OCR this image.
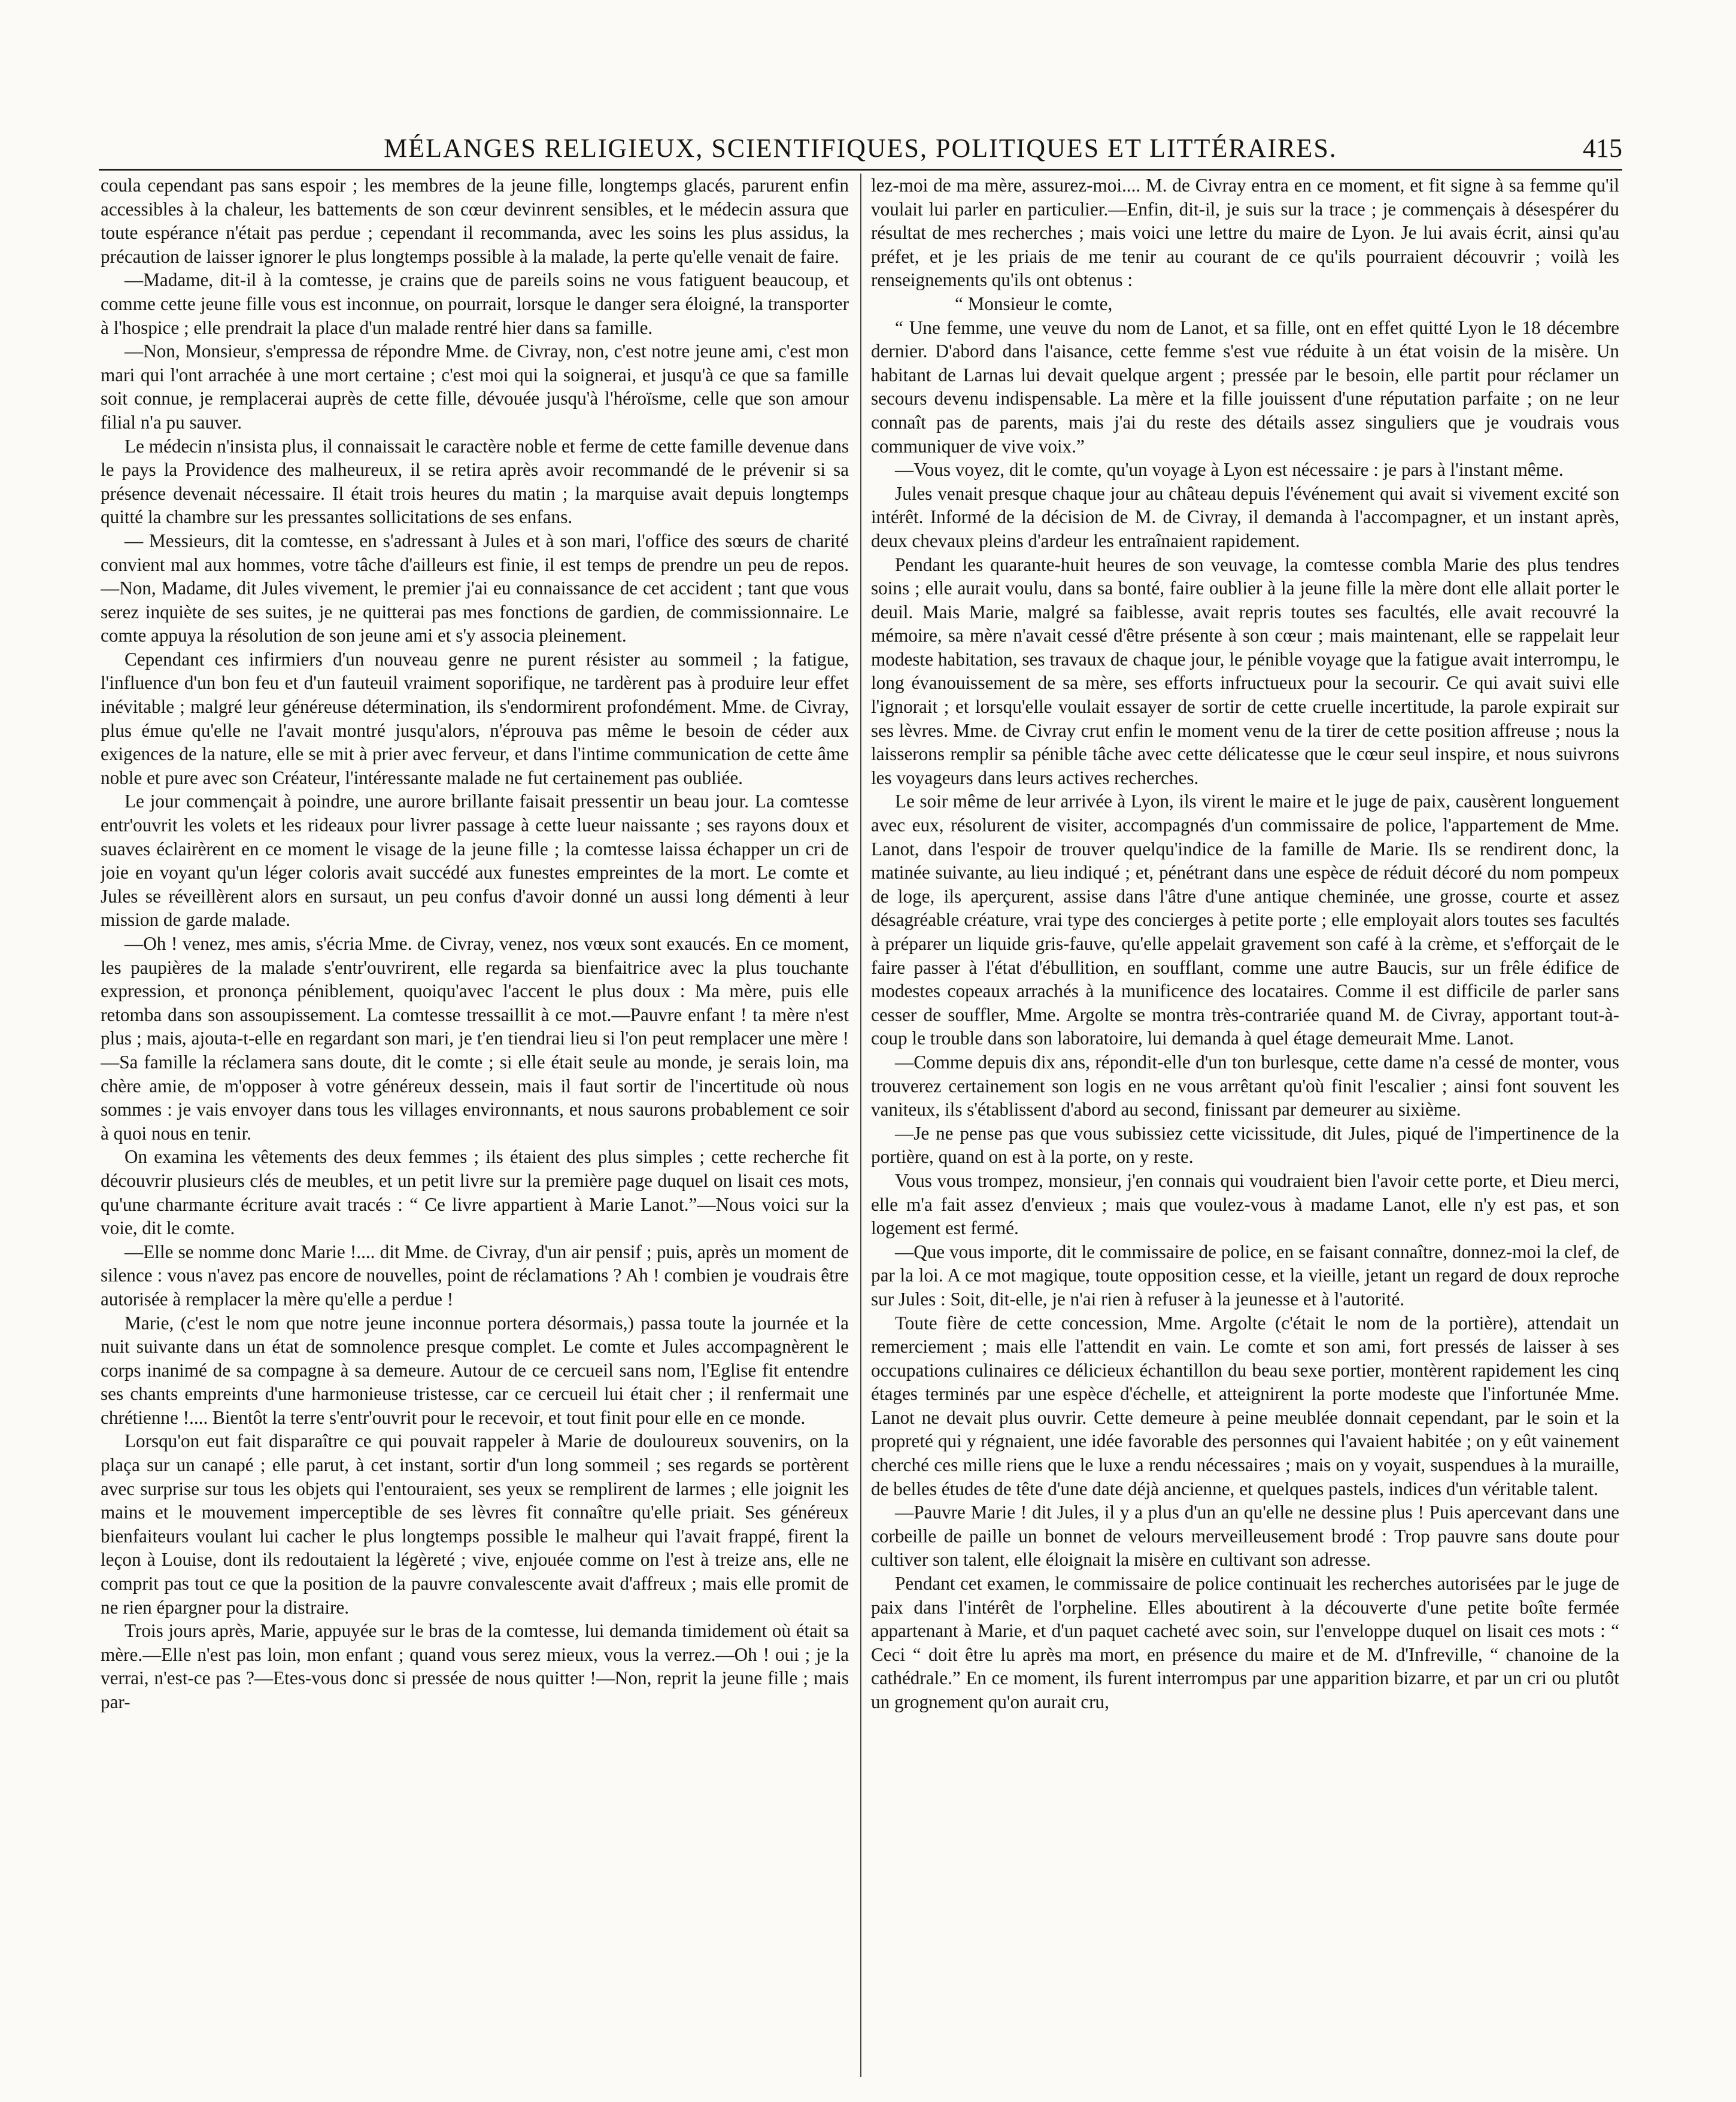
MÉLANGES RELIGIEUX, SCIENTIFIQUES, POLITIQUES ET LITTÉRAIRES.	415

coula cependant pas sans espoir ; les membres de la jeune fille, longtemps glacés, parurent enfin accessibles à la chaleur, les battements de son cœur devinrent sensibles, et le médecin assura que toute espérance n'était pas perdue ; cependant il recommanda, avec les soins les plus assidus, la précaution de laisser ignorer le plus longtemps possible à la malade, la perte qu'elle venait de faire.

—Madame, dit-il à la comtesse, je crains que de pareils soins ne vous fatiguent beaucoup, et comme cette jeune fille vous est inconnue, on pourrait, lorsque le danger sera éloigné, la transporter à l'hospice ; elle prendrait la place d'un malade rentré hier dans sa famille.

—Non, Monsieur, s'empressa de répondre Mme. de Civray, non, c'est notre jeune ami, c'est mon mari qui l'ont arrachée à une mort certaine ; c'est moi qui la soignerai, et jusqu'à ce que sa famille soit connue, je remplacerai auprès de cette fille, dévouée jusqu'à l'héroïsme, celle que son amour filial n'a pu sauver.

Le médecin n'insista plus, il connaissait le caractère noble et ferme de cette famille devenue dans le pays la Providence des malheureux, il se retira après avoir recommandé de le prévenir si sa présence devenait nécessaire. Il était trois heures du matin ; la marquise avait depuis longtemps quitté la chambre sur les pressantes sollicitations de ses enfans.

— Messieurs, dit la comtesse, en s'adressant à Jules et à son mari, l'office des sœurs de charité convient mal aux hommes, votre tâche d'ailleurs est finie, il est temps de prendre un peu de repos.—Non, Madame, dit Jules vivement, le premier j'ai eu connaissance de cet accident ; tant que vous serez inquiète de ses suites, je ne quitterai pas mes fonctions de gardien, de commissionnaire. Le comte appuya la résolution de son jeune ami et s'y associa pleinement.

Cependant ces infirmiers d'un nouveau genre ne purent résister au sommeil ; la fatigue, l'influence d'un bon feu et d'un fauteuil vraiment soporifique, ne tardèrent pas à produire leur effet inévitable ; malgré leur généreuse détermination, ils s'endormirent profondément. Mme. de Civray, plus émue qu'elle ne l'avait montré jusqu'alors, n'éprouva pas même le besoin de céder aux exigences de la nature, elle se mit à prier avec ferveur, et dans l'intime communication de cette âme noble et pure avec son Créateur, l'intéressante malade ne fut certainement pas oubliée.

Le jour commençait à poindre, une aurore brillante faisait pressentir un beau jour. La comtesse entr'ouvrit les volets et les rideaux pour livrer passage à cette lueur naissante ; ses rayons doux et suaves éclairèrent en ce moment le visage de la jeune fille ; la comtesse laissa échapper un cri de joie en voyant qu'un léger coloris avait succédé aux funestes empreintes de la mort. Le comte et Jules se réveillèrent alors en sursaut, un peu confus d'avoir donné un aussi long démenti à leur mission de garde malade.

—Oh ! venez, mes amis, s'écria Mme. de Civray, venez, nos vœux sont exaucés. En ce moment, les paupières de la malade s'entr'ouvrirent, elle regarda sa bienfaitrice avec la plus touchante expression, et prononça péniblement, quoiqu'avec l'accent le plus doux : Ma mère, puis elle retomba dans son assoupissement. La comtesse tressaillit à ce mot.—Pauvre enfant ! ta mère n'est plus ; mais, ajouta-t-elle en regardant son mari, je t'en tiendrai lieu si l'on peut remplacer une mère ! —Sa famille la réclamera sans doute, dit le comte ; si elle était seule au monde, je serais loin, ma chère amie, de m'opposer à votre généreux dessein, mais il faut sortir de l'incertitude où nous sommes : je vais envoyer dans tous les villages environnants, et nous saurons probablement ce soir à quoi nous en tenir.

On examina les vêtements des deux femmes ; ils étaient des plus simples ; cette recherche fit découvrir plusieurs clés de meubles, et un petit livre sur la première page duquel on lisait ces mots, qu'une charmante écriture avait tracés : “ Ce livre appartient à Marie Lanot.”—Nous voici sur la voie, dit le comte.

—Elle se nomme donc Marie !.... dit Mme. de Civray, d'un air pensif ; puis, après un moment de silence : vous n'avez pas encore de nouvelles, point de réclamations ? Ah ! combien je voudrais être autorisée à remplacer la mère qu'elle a perdue !

Marie, (c'est le nom que notre jeune inconnue portera désormais,) passa toute la journée et la nuit suivante dans un état de somnolence presque complet. Le comte et Jules accompagnèrent le corps inanimé de sa compagne à sa demeure. Autour de ce cercueil sans nom, l'Eglise fit entendre ses chants empreints d'une harmonieuse tristesse, car ce cercueil lui était cher ; il renfermait une chrétienne !.... Bientôt la terre s'entr'ouvrit pour le recevoir, et tout finit pour elle en ce monde.

Lorsqu'on eut fait disparaître ce qui pouvait rappeler à Marie de douloureux souvenirs, on la plaça sur un canapé ; elle parut, à cet instant, sortir d'un long sommeil ; ses regards se portèrent avec surprise sur tous les objets qui l'entouraient, ses yeux se remplirent de larmes ; elle joignit les mains et le mouvement imperceptible de ses lèvres fit connaître qu'elle priait. Ses généreux bienfaiteurs voulant lui cacher le plus longtemps possible le malheur qui l'avait frappé, firent la leçon à Louise, dont ils redoutaient la légèreté ; vive, enjouée comme on l'est à treize ans, elle ne comprit pas tout ce que la position de la pauvre convalescente avait d'affreux ; mais elle promit de ne rien épargner pour la distraire.

Trois jours après, Marie, appuyée sur le bras de la comtesse, lui demanda timidement où était sa mère.—Elle n'est pas loin, mon enfant ; quand vous serez mieux, vous la verrez.—Oh ! oui ; je la verrai, n'est-ce pas ?—Etes-vous donc si pressée de nous quitter !—Non, reprit la jeune fille ; mais par-

lez-moi de ma mère, assurez-moi.... M. de Civray entra en ce moment, et fit signe à sa femme qu'il voulait lui parler en particulier.—Enfin, dit-il, je suis sur la trace ; je commençais à désespérer du résultat de mes recherches ; mais voici une lettre du maire de Lyon. Je lui avais écrit, ainsi qu'au préfet, et je les priais de me tenir au courant de ce qu'ils pourraient découvrir ; voilà les renseignements qu'ils ont obtenus :

“ Monsieur le comte,

“ Une femme, une veuve du nom de Lanot, et sa fille, ont en effet quitté Lyon le 18 décembre dernier. D'abord dans l'aisance, cette femme s'est vue réduite à un état voisin de la misère. Un habitant de Larnas lui devait quelque argent ; pressée par le besoin, elle partit pour réclamer un secours devenu indispensable. La mère et la fille jouissent d'une réputation parfaite ; on ne leur connaît pas de parents, mais j'ai du reste des détails assez singuliers que je voudrais vous communiquer de vive voix.”

—Vous voyez, dit le comte, qu'un voyage à Lyon est nécessaire : je pars à l'instant même.

Jules venait presque chaque jour au château depuis l'événement qui avait si vivement excité son intérêt. Informé de la décision de M. de Civray, il demanda à l'accompagner, et un instant après, deux chevaux pleins d'ardeur les entraînaient rapidement.

Pendant les quarante-huit heures de son veuvage, la comtesse combla Marie des plus tendres soins ; elle aurait voulu, dans sa bonté, faire oublier à la jeune fille la mère dont elle allait porter le deuil. Mais Marie, malgré sa faiblesse, avait repris toutes ses facultés, elle avait recouvré la mémoire, sa mère n'avait cessé d'être présente à son cœur ; mais maintenant, elle se rappelait leur modeste habitation, ses travaux de chaque jour, le pénible voyage que la fatigue avait interrompu, le long évanouissement de sa mère, ses efforts infructueux pour la secourir. Ce qui avait suivi elle l'ignorait ; et lorsqu'elle voulait essayer de sortir de cette cruelle incertitude, la parole expirait sur ses lèvres. Mme. de Civray crut enfin le moment venu de la tirer de cette position affreuse ; nous la laisserons remplir sa pénible tâche avec cette délicatesse que le cœur seul inspire, et nous suivrons les voyageurs dans leurs actives recherches.

Le soir même de leur arrivée à Lyon, ils virent le maire et le juge de paix, causèrent longuement avec eux, résolurent de visiter, accompagnés d'un commissaire de police, l'appartement de Mme. Lanot, dans l'espoir de trouver quelqu'indice de la famille de Marie. Ils se rendirent donc, la matinée suivante, au lieu indiqué ; et, pénétrant dans une espèce de réduit décoré du nom pompeux de loge, ils aperçurent, assise dans l'âtre d'une antique cheminée, une grosse, courte et assez désagréable créature, vrai type des concierges à petite porte ; elle employait alors toutes ses facultés à préparer un liquide gris-fauve, qu'elle appelait gravement son café à la crème, et s'efforçait de le faire passer à l'état d'ébullition, en soufflant, comme une autre Baucis, sur un frêle édifice de modestes copeaux arrachés à la munificence des locataires. Comme il est difficile de parler sans cesser de souffler, Mme. Argolte se montra très-contrariée quand M. de Civray, apportant tout-à-coup le trouble dans son laboratoire, lui demanda à quel étage demeurait Mme. Lanot.

—Comme depuis dix ans, répondit-elle d'un ton burlesque, cette dame n'a cessé de monter, vous trouverez certainement son logis en ne vous arrêtant qu'où finit l'escalier ; ainsi font souvent les vaniteux, ils s'établissent d'abord au second, finissant par demeurer au sixième.

—Je ne pense pas que vous subissiez cette vicissitude, dit Jules, piqué de l'impertinence de la portière, quand on est à la porte, on y reste.

Vous vous trompez, monsieur, j'en connais qui voudraient bien l'avoir cette porte, et Dieu merci, elle m'a fait assez d'envieux ; mais que voulez-vous à madame Lanot, elle n'y est pas, et son logement est fermé.

—Que vous importe, dit le commissaire de police, en se faisant connaître, donnez-moi la clef, de par la loi. A ce mot magique, toute opposition cesse, et la vieille, jetant un regard de doux reproche sur Jules : Soit, dit-elle, je n'ai rien à refuser à la jeunesse et à l'autorité.

Toute fière de cette concession, Mme. Argolte (c'était le nom de la portière), attendait un remerciement ; mais elle l'attendit en vain. Le comte et son ami, fort pressés de laisser à ses occupations culinaires ce délicieux échantillon du beau sexe portier, montèrent rapidement les cinq étages terminés par une espèce d'échelle, et atteignirent la porte modeste que l'infortunée Mme. Lanot ne devait plus ouvrir. Cette demeure à peine meublée donnait cependant, par le soin et la propreté qui y régnaient, une idée favorable des personnes qui l'avaient habitée ; on y eût vainement cherché ces mille riens que le luxe a rendu nécessaires ; mais on y voyait, suspendues à la muraille, de belles études de tête d'une date déjà ancienne, et quelques pastels, indices d'un véritable talent.

—Pauvre Marie ! dit Jules, il y a plus d'un an qu'elle ne dessine plus ! Puis apercevant dans une corbeille de paille un bonnet de velours merveilleusement brodé : Trop pauvre sans doute pour cultiver son talent, elle éloignait la misère en cultivant son adresse.

Pendant cet examen, le commissaire de police continuait les recherches autorisées par le juge de paix dans l'intérêt de l'orpheline. Elles aboutirent à la découverte d'une petite boîte fermée appartenant à Marie, et d'un paquet cacheté avec soin, sur l'enveloppe duquel on lisait ces mots : “ Ceci “ doit être lu après ma mort, en présence du maire et de M. d'Infreville, “ chanoine de la cathédrale.” En ce moment, ils furent interrompus par une apparition bizarre, et par un cri ou plutôt un grognement qu'on aurait cru,
